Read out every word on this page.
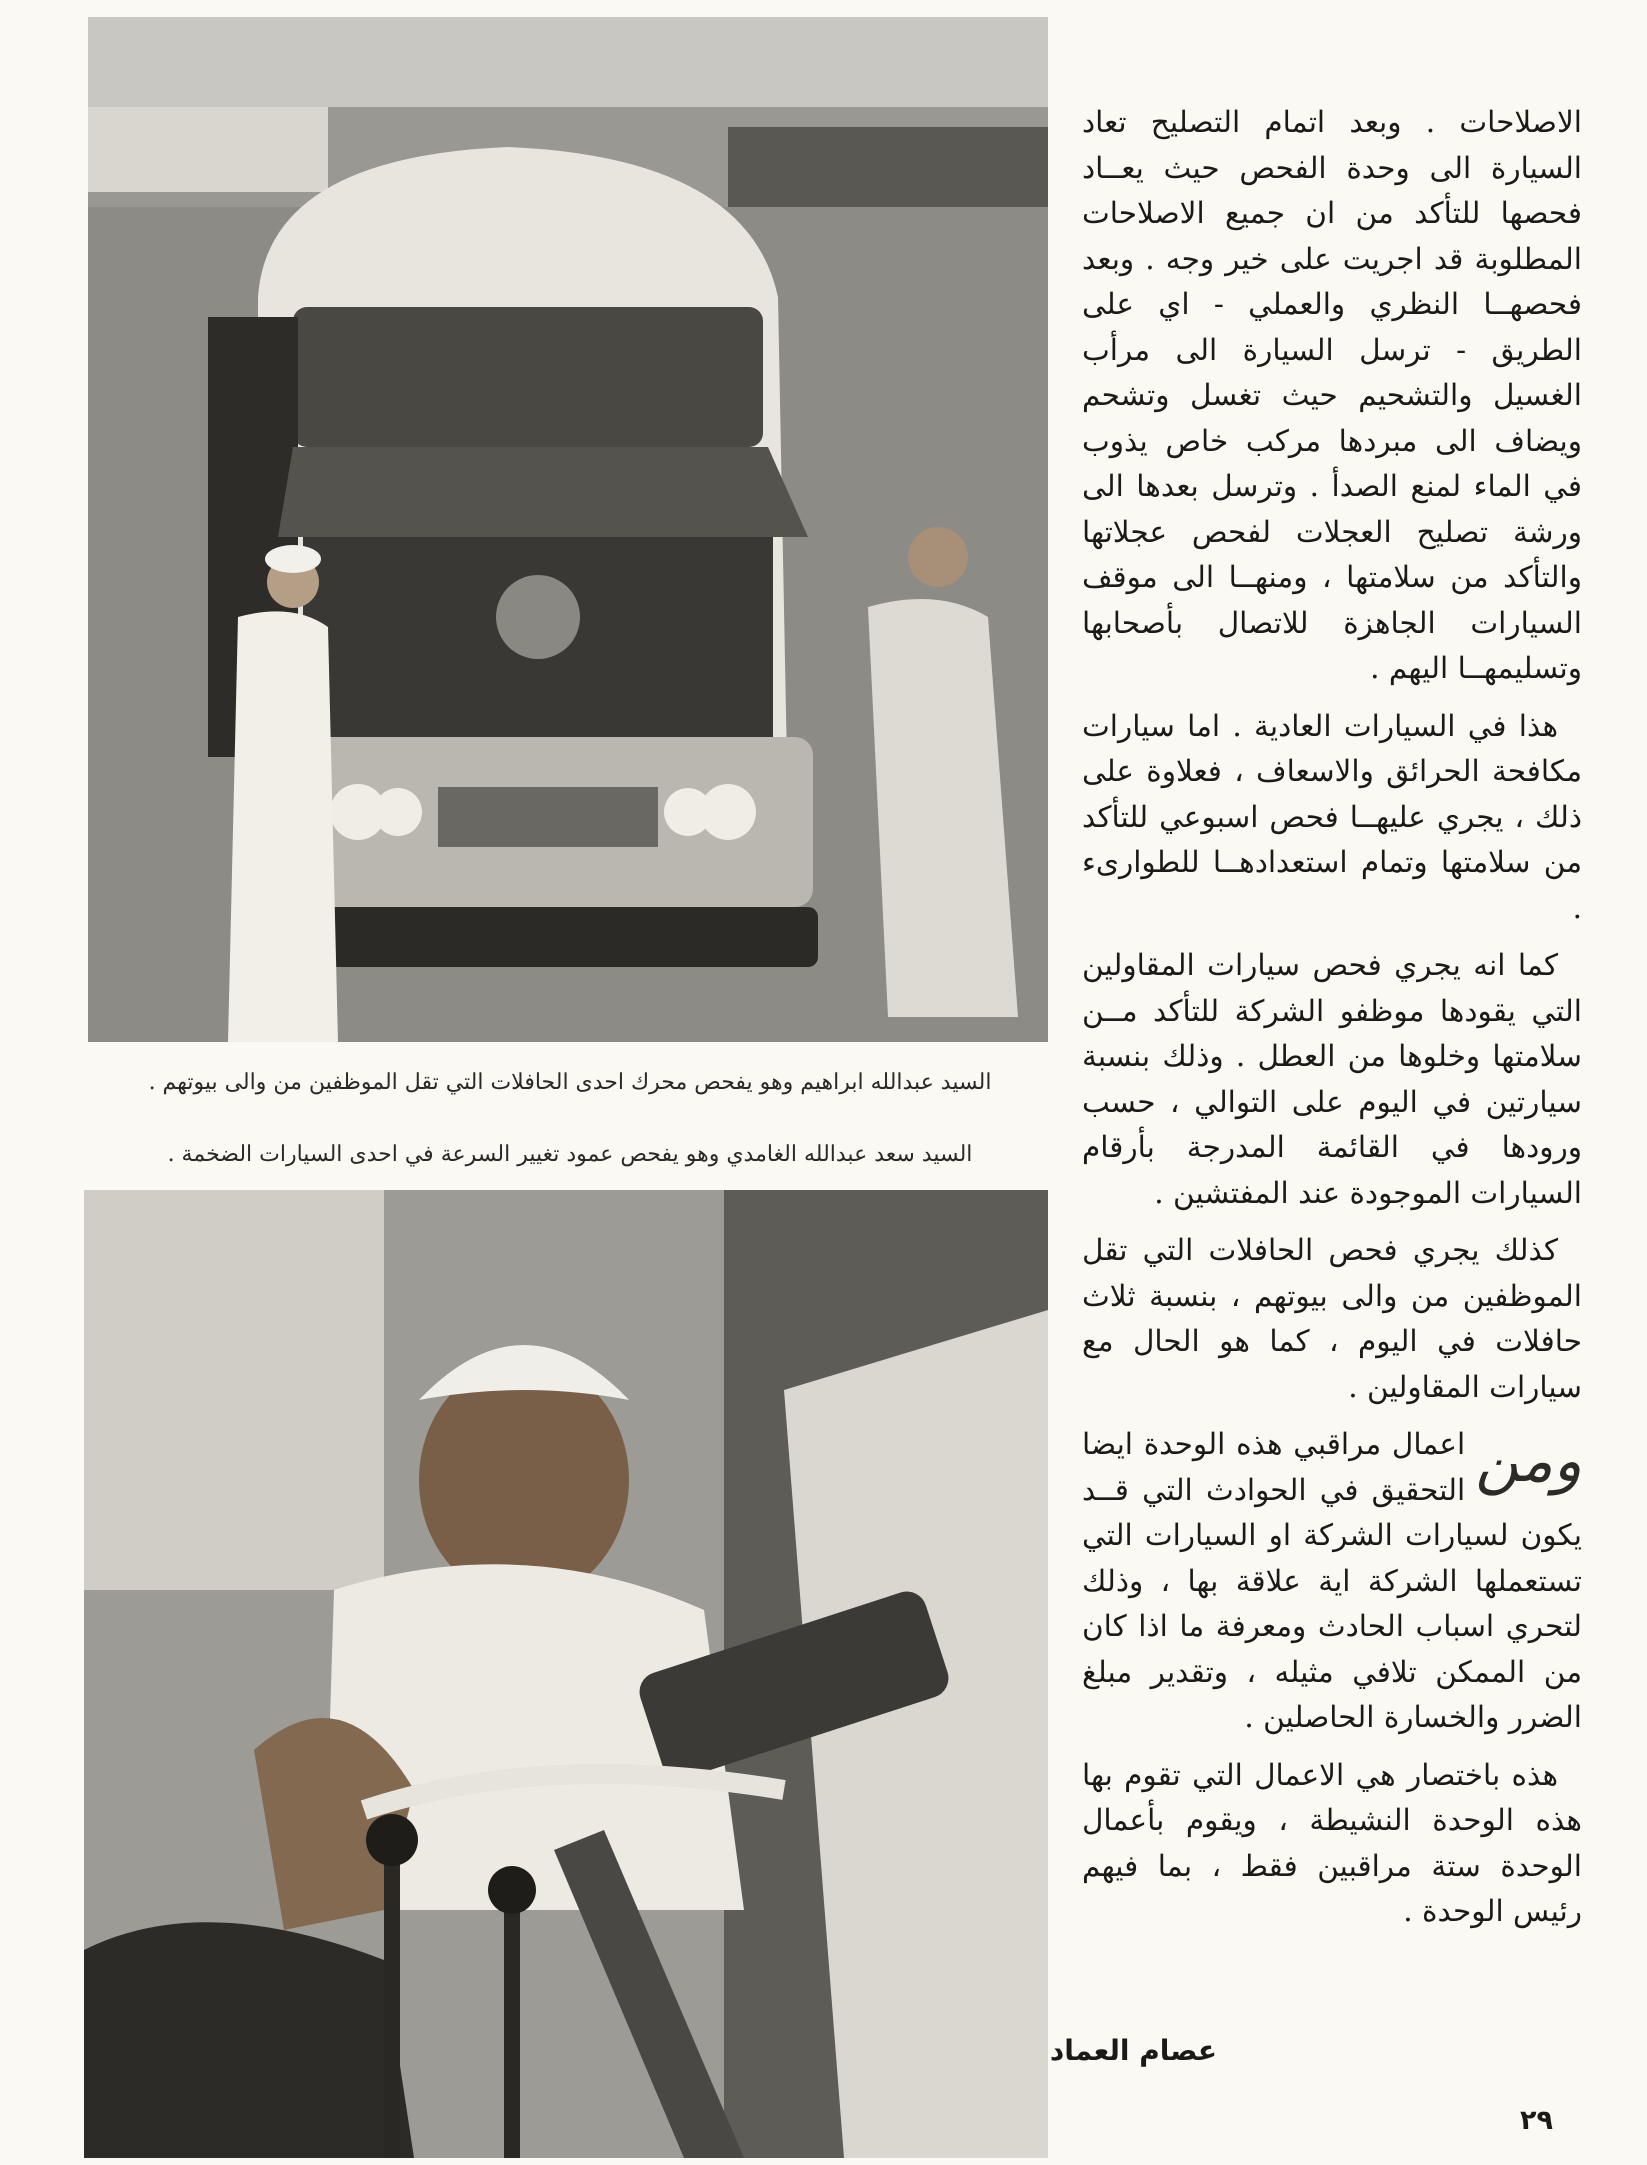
السيد عبدالله ابراهيم وهو يفحص محرك احدى الحافلات التي تقل الموظفين من والى بيوتهم .
السيد سعد عبدالله الغامدي وهو يفحص عمود تغيير السرعة في احدى السيارات الضخمة .

الاصلاحات . وبعد اتمام التصليح تعاد السيارة الى وحدة الفحص حيث يعــاد فحصها للتأكد من ان جميع الاصلاحات المطلوبة قد اجريت على خير وجه . وبعد فحصهــا النظري والعملي - اي على الطريق - ترسل السيارة الى مرأب الغسيل والتشحيم حيث تغسل وتشحم ويضاف الى مبردها مركب خاص يذوب في الماء لمنع الصدأ . وترسل بعدها الى ورشة تصليح العجلات لفحص عجلاتها والتأكد من سلامتها ، ومنهــا الى موقف السيارات الجاهزة للاتصال بأصحابها وتسليمهــا اليهم .

هذا في السيارات العادية . اما سيارات مكافحة الحرائق والاسعاف ، فعلاوة على ذلك ، يجري عليهــا فحص اسبوعي للتأكد من سلامتها وتمام استعدادهــا للطوارىء .

كما انه يجري فحص سيارات المقاولين التي يقودها موظفو الشركة للتأكد مــن سلامتها وخلوها من العطل . وذلك بنسبة سيارتين في اليوم على التوالي ، حسب ورودها في القائمة المدرجة بأرقام السيارات الموجودة عند المفتشين .

كذلك يجري فحص الحافلات التي تقل الموظفين من والى بيوتهم ، بنسبة ثلاث حافلات في اليوم ، كما هو الحال مع سيارات المقاولين .

ومن
اعمال مراقبي هذه الوحدة ايضا التحقيق في الحوادث التي قــد يكون لسيارات الشركة او السيارات التي تستعملها الشركة اية علاقة بها ، وذلك لتحري اسباب الحادث ومعرفة ما اذا كان من الممكن تلافي مثيله ، وتقدير مبلغ الضرر والخسارة الحاصلين .

هذه باختصار هي الاعمال التي تقوم بها هذه الوحدة النشيطة ، ويقوم بأعمال الوحدة ستة مراقبين فقط ، بما فيهم رئيس الوحدة .

عصام العماد
٢٩
